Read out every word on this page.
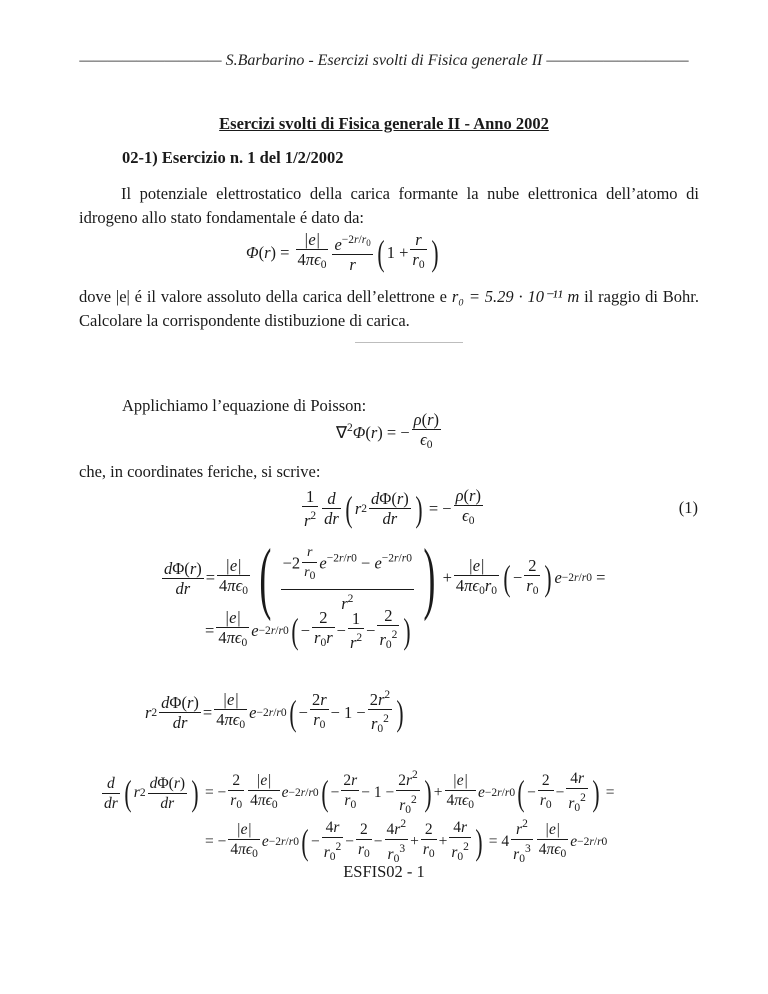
—————————— S.Barbarino - Esercizi svolti di Fisica generale II ——————————
Esercizi svolti di Fisica generale II - Anno 2002
02-1) Esercizio n. 1 del 1/2/2002
Il potenziale elettrostatico della carica formante la nube elettronica dell’atomo di idrogeno allo stato fondamentale é dato da:
$\Phi(r) = \frac{|e|}{4\pi\epsilon_0} \frac{e^{-2r/r_0}}{r}$ ( $1 + \frac{r}{r_0}$ )
dove |e| é il valore assoluto della carica dell’elettrone e r₀ = 5.29 · 10⁻¹¹ m il raggio di Bohr. Calcolare la corrispondente distibuzione di carica.
Applichiamo l’equazione di Poisson:
∇$^2$Φ(r) = − $\frac{\rho(r)}{\epsilon_0}$
che, in coordinates feriche, si scrive:
$\frac{1}{r^2} \frac{d}{dr}$ ( r $2 \frac{d\Phi(r)}{dr}$ ) = − $\frac{\rho(r)}{\epsilon_0}$	(1)
$\frac{d\Phi(r)}{dr} = \frac{|e|}{4\pi\epsilon_0}$ ( $\frac{-2 \frac{r}{r_0} e^{-2r/r0} - e^{-2r/r0}}{r^2}$ ) + $\frac{|e|}{4\pi\epsilon_0r_0}$ ( − $\frac{2}{r_0}$ ) e −2r/r0 =
= $\frac{|e|}{4\pi\epsilon_0}$ e −2r/r0 ( − $\frac{2}{r_0r} - \frac{1}{r^2} - \frac{2}{r_0^2}$ )
r $2 \frac{d\Phi(r)}{dr} = \frac{|e|}{4\pi\epsilon_0}$ e −2r/r0 ( − $\frac{2r}{r_0} - 1 - \frac{2r^2}{r_0^2}$ )
$\frac{d}{dr}$ ( r $2 \frac{d\Phi(r)}{dr}$ ) = − $\frac{2}{r_0} \frac{|e|}{4\pi\epsilon_0}$ e −2r/r0 ( − $\frac{2r}{r_0} - 1 - \frac{2r^2}{r_0^2}$ ) + $\frac{|e|}{4\pi\epsilon_0}$ e −2r/r0 ( − $\frac{2}{r_0} - \frac{4r}{r_0^2}$ ) =
= − $\frac{|e|}{4\pi\epsilon_0}$ e −2r/r0 ( − $\frac{4r}{r_0^2} - \frac{2}{r_0} - \frac{4r^2}{r_0^3} + \frac{2}{r_0} + \frac{4r}{r_0^2}$ ) = $4 \frac{r^2}{r_0^3} \frac{|e|}{4\pi\epsilon_0}$ e −2r/r0
ESFIS02 - 1
